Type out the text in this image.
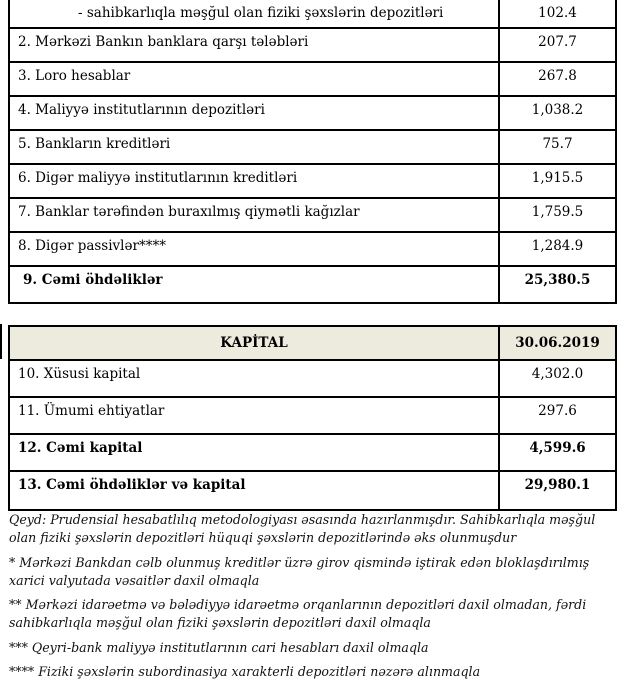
- sahibkarlıqla məşğul olan fiziki şəxslərin depozitləri	102.4
2. Mərkəzi Bankın banklara qarşı tələbləri	207.7
3. Loro hesablar	267.8
4. Maliyyə institutlarının depozitləri	1,038.2
5. Bankların kreditləri	75.7
6. Digər maliyyə institutlarının kreditləri	1,915.5
7. Banklar tərəfindən buraxılmış qiymətli kağızlar	1,759.5
8. Digər passivlər****	1,284.9
9. Cəmi öhdəliklər	25,380.5
KAPİTAL	30.06.2019
10. Xüsusi kapital	4,302.0
11. Ümumi ehtiyatlar	297.6
12. Cəmi kapital	4,599.6
13. Cəmi öhdəliklər və kapital	29,980.1

Qeyd: Prudensial hesabatlılıq metodologiyası əsasında hazırlanmışdır. Sahibkarlıqla məşğul olan fiziki şəxslərin depozitləri hüquqi şəxslərin depozitlərində əks olunmuşdur

* Mərkəzi Bankdan cəlb olunmuş kreditlər üzrə girov qismində iştirak edən bloklaşdırılmış xarici valyutada vəsaitlər daxil olmaqla

** Mərkəzi idarəetmə və bələdiyyə idarəetmə orqanlarının depozitləri daxil olmadan, fərdi sahibkarlıqla məşğul olan fiziki şəxslərin depozitləri daxil olmaqla

*** Qeyri-bank maliyyə institutlarının cari hesabları daxil olmaqla

**** Fiziki şəxslərin subordinasiya xarakterli depozitləri nəzərə alınmaqla
